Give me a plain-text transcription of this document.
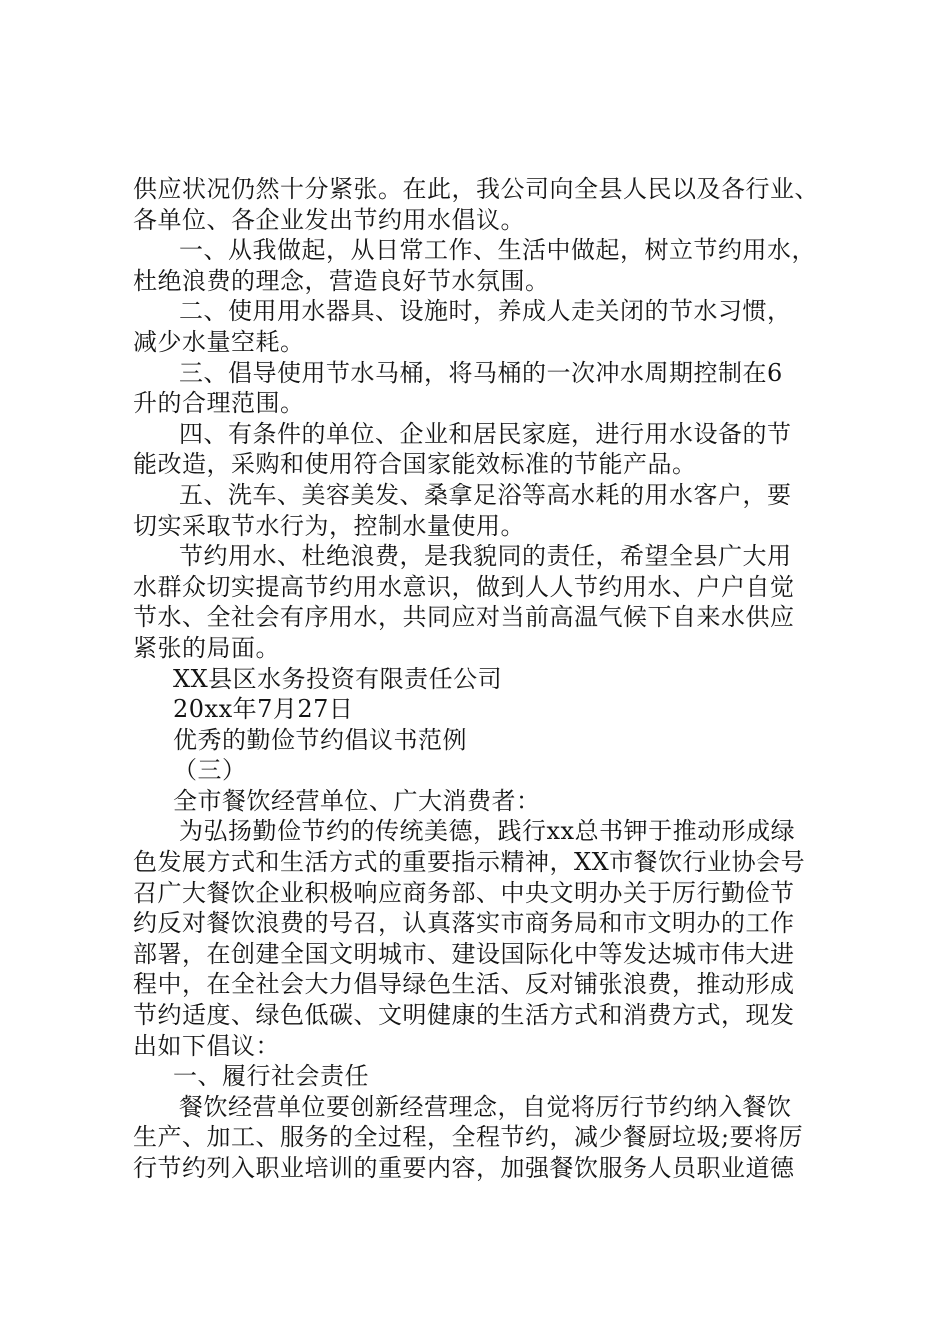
供应状况仍然十分紧张。在此，我公司向全县人民以及各行业、
各单位、各企业发出节约用水倡议。
一、从我做起，从日常工作、生活中做起，树立节约用水，
杜绝浪费的理念，营造良好节水氛围。
二、使用用水器具、设施时，养成人走关闭的节水习惯，
减少水量空耗。
三、倡导使用节水马桶，将马桶的一次冲水周期控制在6
升的合理范围。
四、有条件的单位、企业和居民家庭，进行用水设备的节
能改造，采购和使用符合国家能效标准的节能产品。
五、洗车、美容美发、桑拿足浴等高水耗的用水客户，要
切实采取节水行为，控制水量使用。
节约用水、杜绝浪费，是我貌同的责任，希望全县广大用
水群众切实提高节约用水意识，做到人人节约用水、户户自觉
节水、全社会有序用水，共同应对当前高温气候下自来水供应
紧张的局面。
XX县区水务投资有限责任公司
20xx年7月27日
优秀的勤俭节约倡议书范例
（三）
全市餐饮经营单位、广大消费者：
为弘扬勤俭节约的传统美德，践行xx总书钾于推动形成绿
色发展方式和生活方式的重要指示精神，XX市餐饮行业协会号
召广大餐饮企业积极响应商务部、中央文明办关于厉行勤俭节
约反对餐饮浪费的号召，认真落实市商务局和市文明办的工作
部署，在创建全国文明城市、建设国际化中等发达城市伟大进
程中，在全社会大力倡导绿色生活、反对铺张浪费，推动形成
节约适度、绿色低碳、文明健康的生活方式和消费方式，现发
出如下倡议：
一、履行社会责任
餐饮经营单位要创新经营理念，自觉将厉行节约纳入餐饮
生产、加工、服务的全过程，全程节约，减少餐厨垃圾;要将厉
行节约列入职业培训的重要内容，加强餐饮服务人员职业道德
